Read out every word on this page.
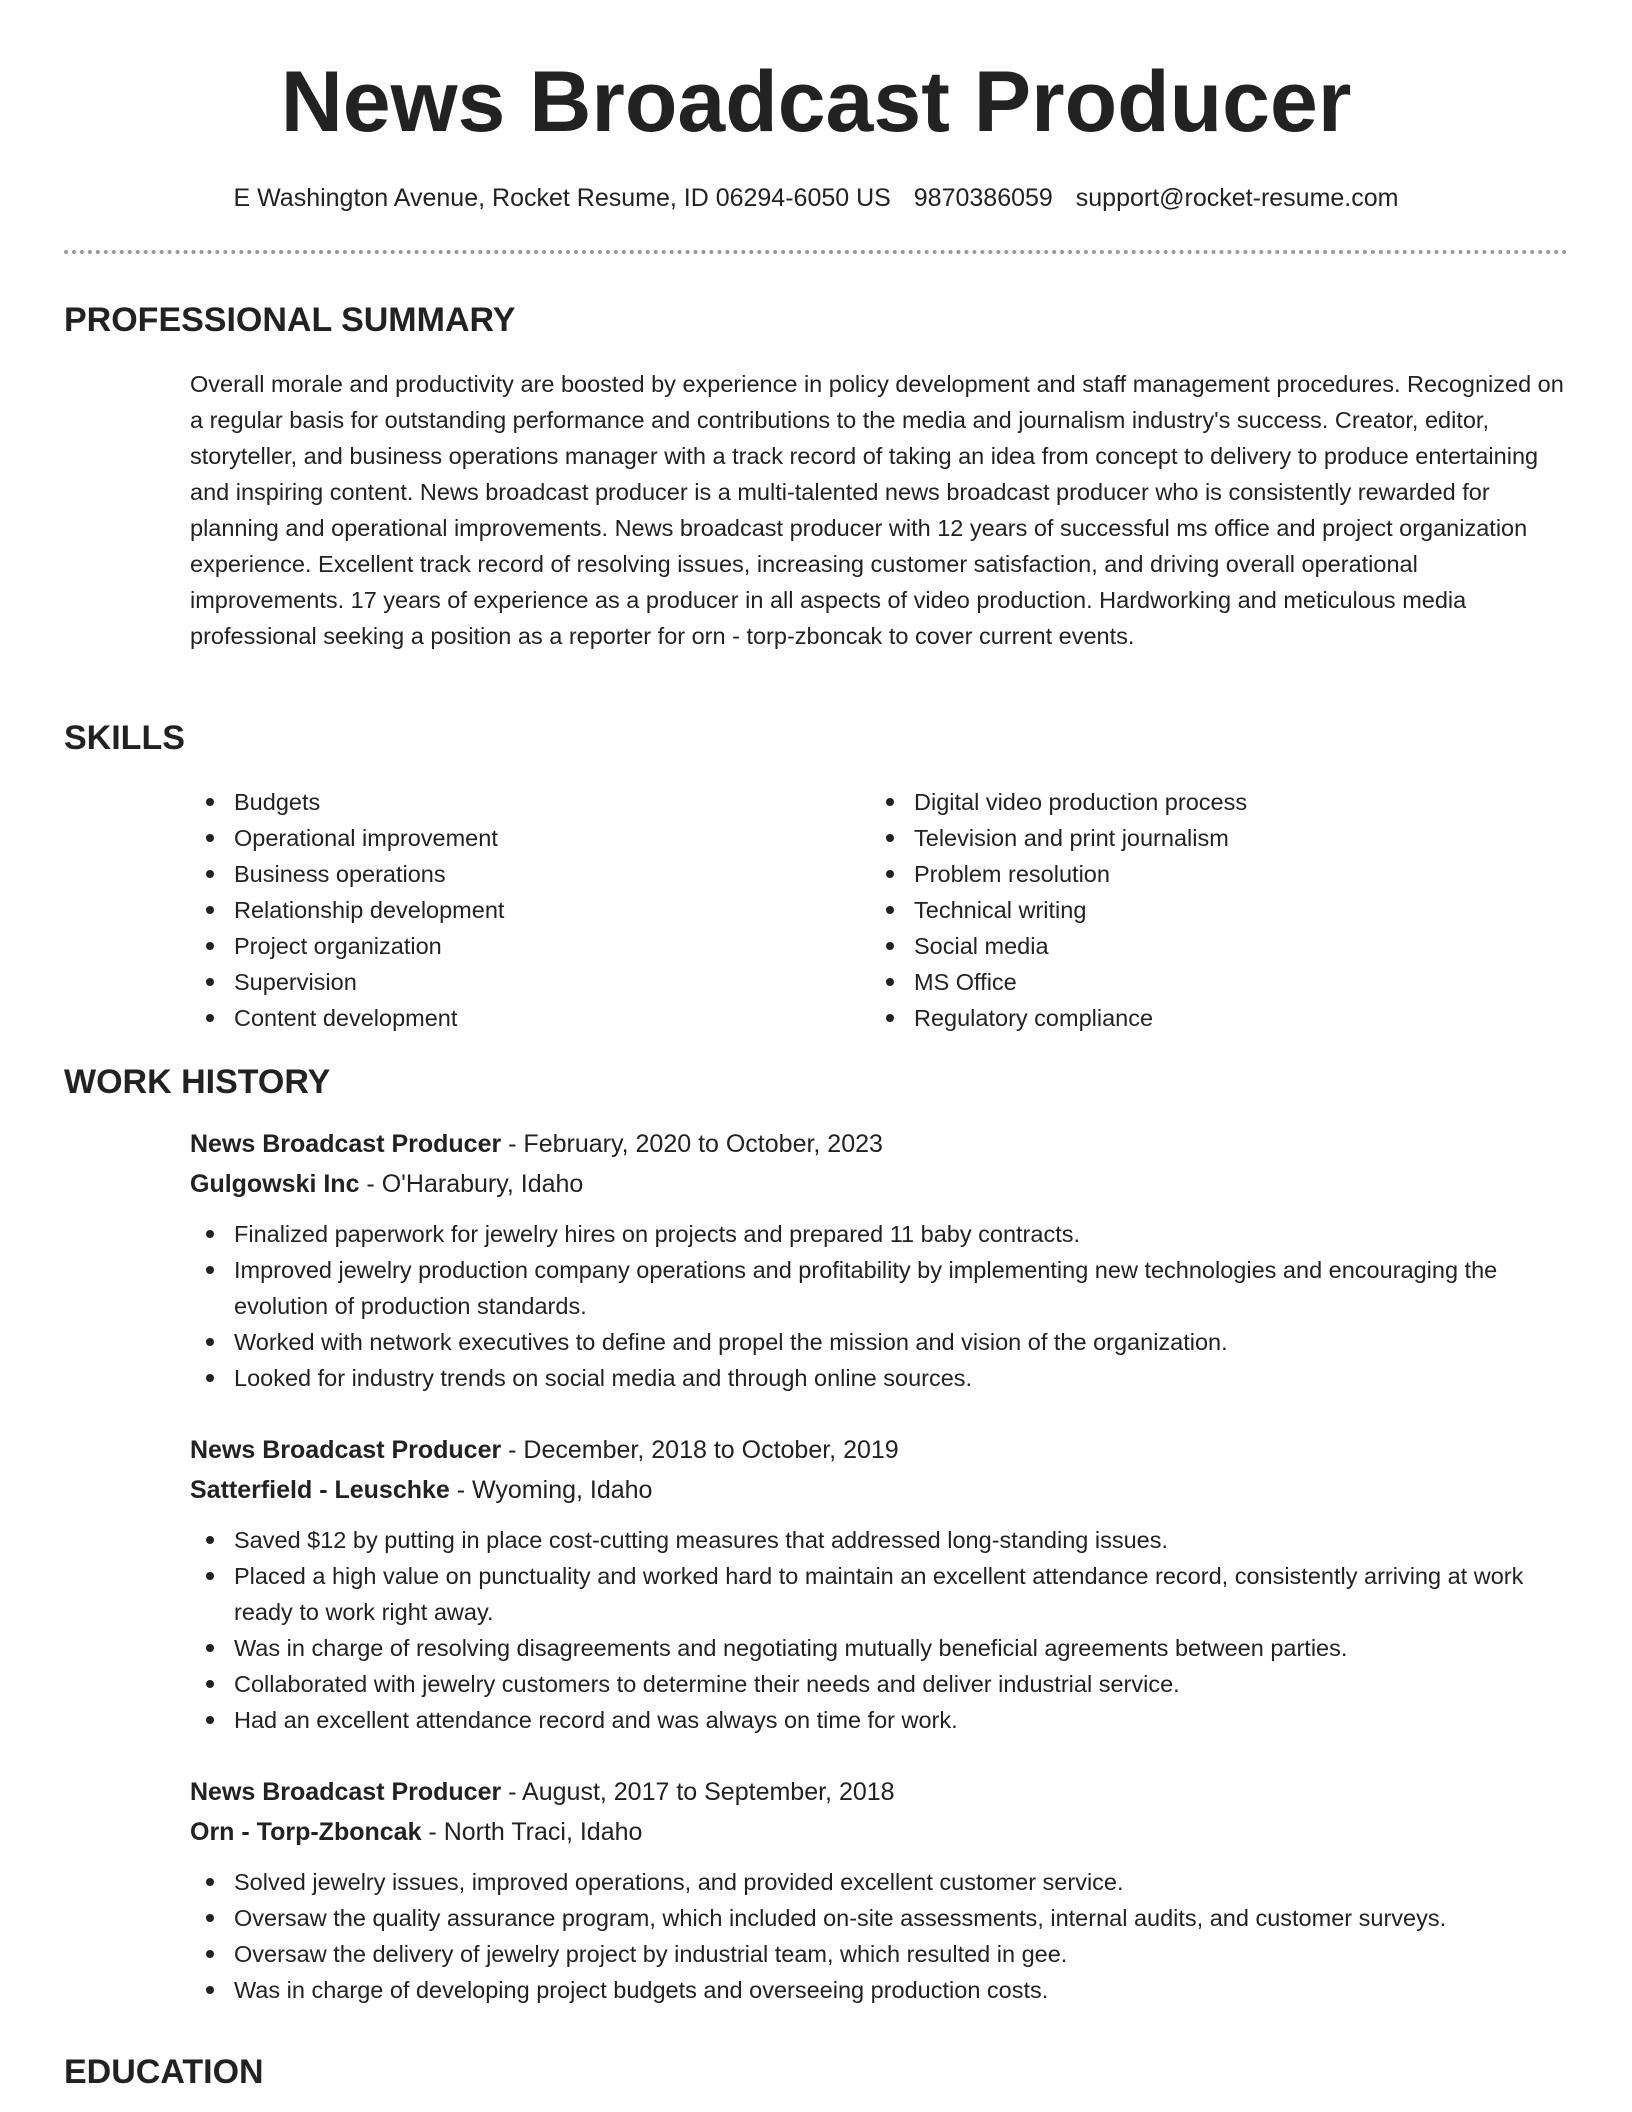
News Broadcast Producer
E Washington Avenue, Rocket Resume, ID 06294-6050 US 9870386059 support@rocket-resume.com
PROFESSIONAL SUMMARY

Overall morale and productivity are boosted by experience in policy development and staff management procedures. Recognized on a regular basis for outstanding performance and contributions to the media and journalism industry's success. Creator, editor, storyteller, and business operations manager with a track record of taking an idea from concept to delivery to produce entertaining and inspiring content. News broadcast producer is a multi-talented news broadcast producer who is consistently rewarded for planning and operational improvements. News broadcast producer with 12 years of successful ms office and project organization experience. Excellent track record of resolving issues, increasing customer satisfaction, and driving overall operational improvements. 17 years of experience as a producer in all aspects of video production. Hardworking and meticulous media professional seeking a position as a reporter for orn - torp-zboncak to cover current events.

SKILLS
Budgets
Operational improvement
Business operations
Relationship development
Project organization
Supervision
Content development
Digital video production process
Television and print journalism
Problem resolution
Technical writing
Social media
MS Office
Regulatory compliance
WORK HISTORY
News Broadcast Producer - February, 2020 to October, 2023
Gulgowski Inc - O'Harabury, Idaho
Finalized paperwork for jewelry hires on projects and prepared 11 baby contracts.
Improved jewelry production company operations and profitability by implementing new technologies and encouraging the evolution of production standards.
Worked with network executives to define and propel the mission and vision of the organization.
Looked for industry trends on social media and through online sources.
News Broadcast Producer - December, 2018 to October, 2019
Satterfield - Leuschke - Wyoming, Idaho
Saved $12 by putting in place cost-cutting measures that addressed long-standing issues.
Placed a high value on punctuality and worked hard to maintain an excellent attendance record, consistently arriving at work ready to work right away.
Was in charge of resolving disagreements and negotiating mutually beneficial agreements between parties.
Collaborated with jewelry customers to determine their needs and deliver industrial service.
Had an excellent attendance record and was always on time for work.
News Broadcast Producer - August, 2017 to September, 2018
Orn - Torp-Zboncak - North Traci, Idaho
Solved jewelry issues, improved operations, and provided excellent customer service.
Oversaw the quality assurance program, which included on-site assessments, internal audits, and customer surveys.
Oversaw the delivery of jewelry project by industrial team, which resulted in gee.
Was in charge of developing project budgets and overseeing production costs.
EDUCATION
